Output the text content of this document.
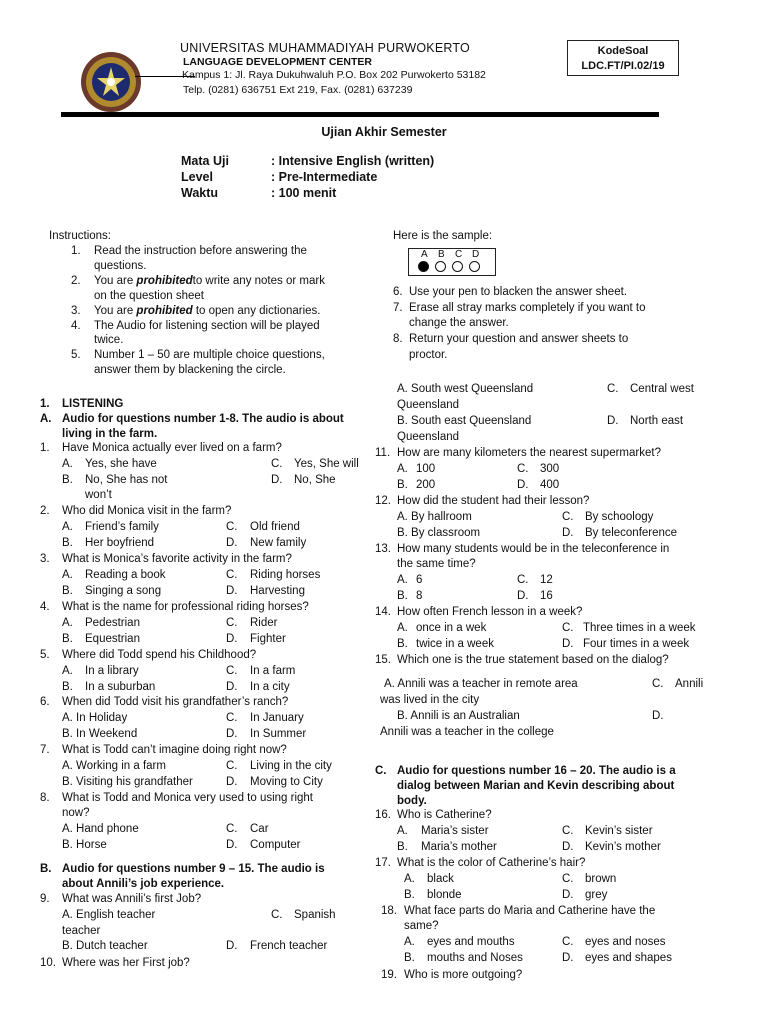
UNIVERSITAS MUHAMMADIYAH PURWOKERTO
LANGUAGE DEVELOPMENT CENTER
Kampus 1: Jl. Raya Dukuhwaluh P.O. Box 202 Purwokerto 53182
Telp. (0281) 636751 Ext 219, Fax. (0281) 637239
KodeSoal
LDC.FT/PI.02/19
Ujian Akhir Semester
Mata Uji	: Intensive English (written)
Level	: Pre-Intermediate
Waktu	: 100 menit
Instructions:
1. Read the instruction before answering the
questions.
2. You are prohibitedto write any notes or mark
on the question sheet
3. You are prohibited to open any dictionaries.
4. The Audio for listening section will be played
twice.
5. Number 1 – 50 are multiple choice questions,
answer them by blackening the circle.
Here is the sample:
A B C D
6. Use your pen to blacken the answer sheet.
7. Erase all stray marks completely if you want to
change the answer.
8. Return your question and answer sheets to
proctor.
1. LISTENING
A. Audio for questions number 1-8. The audio is about
living in the farm.
1. Have Monica actually ever lived on a farm?
A. Yes, she have	C. Yes, She will
B. No, She has not	D. No, She
won’t
2. Who did Monica visit in the farm?
A. Friend’s family	C. Old friend
B. Her boyfriend	D. New family
3. What is Monica’s favorite activity in the farm?
A. Reading a book	C. Riding horses
B. Singing a song	D. Harvesting
4. What is the name for professional riding horses?
A. Pedestrian	C. Rider
B. Equestrian	D. Fighter
5. Where did Todd spend his Childhood?
A. In a library	C. In a farm
B. In a suburban	D. In a city
6. When did Todd visit his grandfather’s ranch?
A. In Holiday	C. In January
B. In Weekend	D. In Summer
7. What is Todd can’t imagine doing right now?
A. Working in a farm	C. Living in the city
B. Visiting his grandfather	D. Moving to City
8. What is Todd and Monica very used to using right
now?
A. Hand phone	C. Car
B. Horse	D. Computer
B. Audio for questions number 9 – 15. The audio is
about Annili’s job experience.
9. What was Annili’s first Job?
A. English teacher	C. Spanish
teacher
B. Dutch teacher	D. French teacher
10. Where was her First job?
A. South west Queensland	C. Central west
Queensland
B. South east Queensland	D. North east
Queensland
11. How are many kilometers the nearest supermarket?
A. 100	C. 300
B. 200	D. 400
12. How did the student had their lesson?
A. By hallroom	C. By schoology
B. By classroom	D. By teleconference
13. How many students would be in the teleconference in
the same time?
A. 6	C. 12
B. 8	D. 16
14. How often French lesson in a week?
A. once in a wek	C. Three times in a week
B. twice in a week	D. Four times in a week
15. Which one is the true statement based on the dialog?
A. Annili was a teacher in remote area	C. Annili
was lived in the city
B. Annili is an Australian	D.
Annili was a teacher in the college
C. Audio for questions number 16 – 20. The audio is a
dialog between Marian and Kevin describing about
body.
16. Who is Catherine?
A. Maria’s sister	C. Kevin’s sister
B. Maria’s mother	D. Kevin’s mother
17. What is the color of Catherine’s hair?
A. black	C. brown
B. blonde	D. grey
18. What face parts do Maria and Catherine have the
same?
A. eyes and mouths	C. eyes and noses
B. mouths and Noses	D. eyes and shapes
19. Who is more outgoing?
